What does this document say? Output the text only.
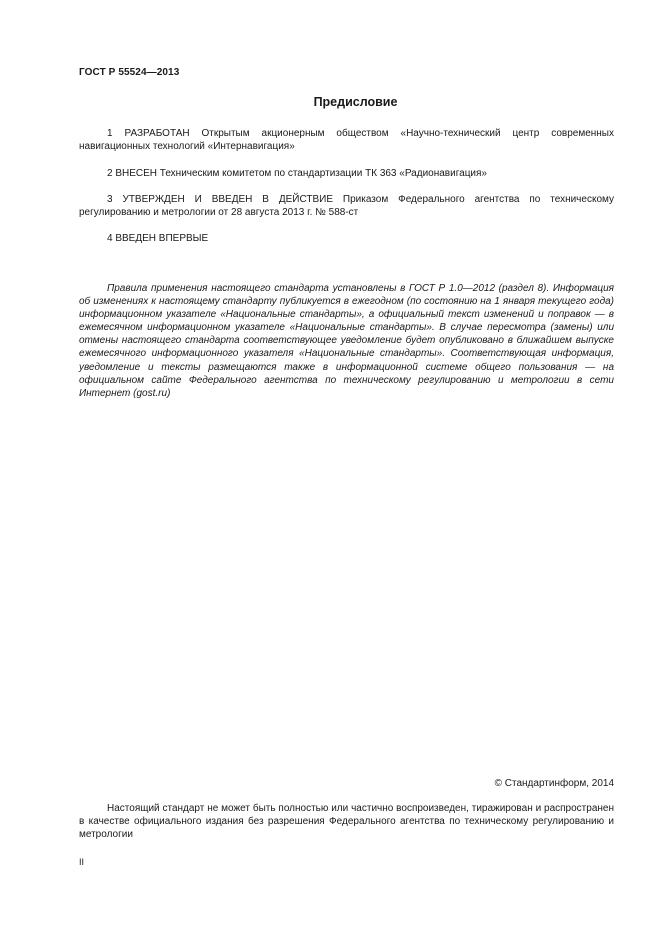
ГОСТ Р 55524—2013
Предисловие
1 РАЗРАБОТАН Открытым акционерным обществом «Научно-технический центр современных навигационных технологий «Интернавигация»
2 ВНЕСЕН Техническим комитетом по стандартизации ТК 363 «Радионавигация»
3 УТВЕРЖДЕН И ВВЕДЕН В ДЕЙСТВИЕ Приказом Федерального агентства по техническому регулированию и метрологии от 28 августа 2013 г. № 588-ст
4 ВВЕДЕН ВПЕРВЫЕ
Правила применения настоящего стандарта установлены в ГОСТ Р 1.0—2012 (раздел 8). Информация об изменениях к настоящему стандарту публикуется в ежегодном (по состоянию на 1 января текущего года) информационном указателе «Национальные стандарты», а официальный текст изменений и поправок — в ежемесячном информационном указателе «Национальные стандарты». В случае пересмотра (замены) или отмены настоящего стандарта соответствующее уведомление будет опубликовано в ближайшем выпуске ежемесячного информационного указателя «Национальные стандарты». Соответствующая информация, уведомление и тексты размещаются также в информационной системе общего пользования — на официальном сайте Федерального агентства по техническому регулированию и метрологии в сети Интернет (gost.ru)
© Стандартинформ, 2014
Настоящий стандарт не может быть полностью или частично воспроизведен, тиражирован и распространен в качестве официального издания без разрешения Федерального агентства по техническому регулированию и метрологии
II
